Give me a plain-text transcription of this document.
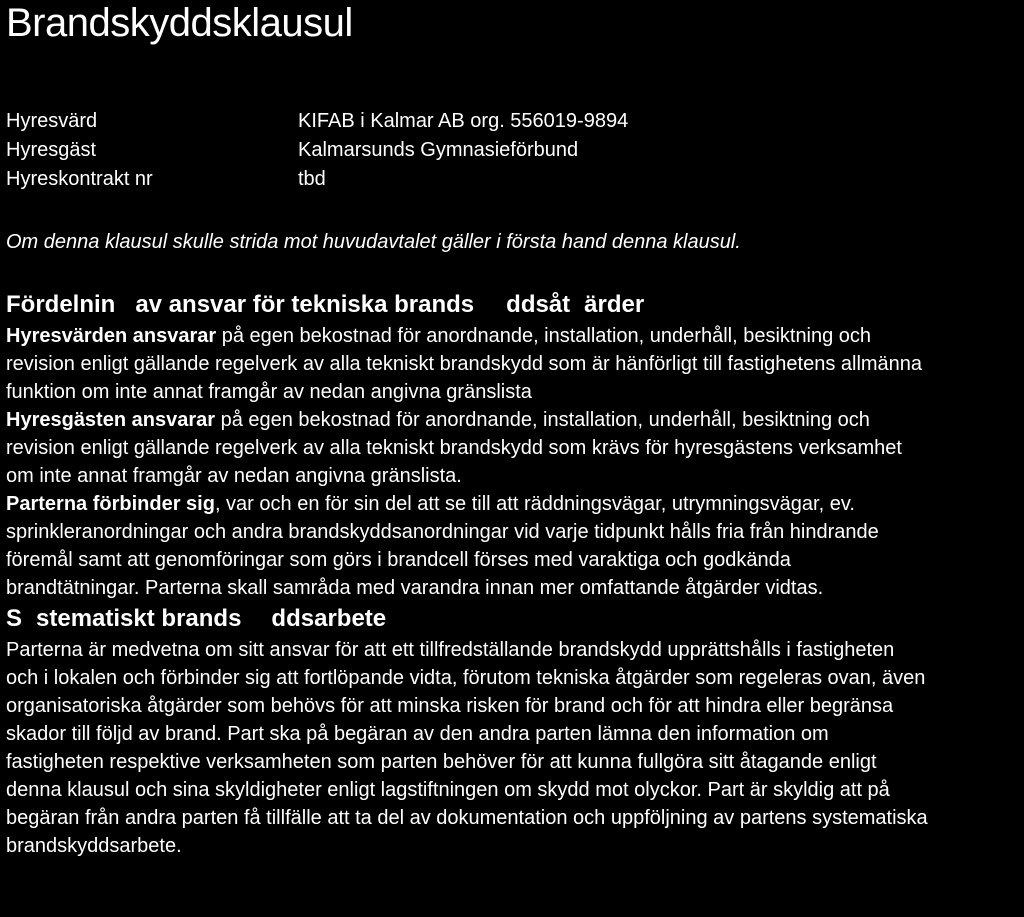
Brandskyddsklausul
Hyresvärd	KIFAB i Kalmar AB org. 556019-9894
Hyresgäst	Kalmarsunds Gymnasieförbund
Hyreskontrakt nr	tbd
Om denna klausul skulle strida mot huvudavtalet gäller i första hand denna klausul.
Fördelnin av ansvar för tekniska brands ddsåt ärder

Hyresvärden ansvarar på egen bekostnad för anordnande, installation, underhåll, besiktning och
revision enligt gällande regelverk av alla tekniskt brandskydd som är hänförligt till fastighetens allmänna
funktion om inte annat framgår av nedan angivna gränslista

Hyresgästen ansvarar på egen bekostnad för anordnande, installation, underhåll, besiktning och
revision enligt gällande regelverk av alla tekniskt brandskydd som krävs för hyresgästens verksamhet
om inte annat framgår av nedan angivna gränslista.

Parterna förbinder sig, var och en för sin del att se till att räddningsvägar, utrymningsvägar, ev.
sprinkleranordningar och andra brandskyddsanordningar vid varje tidpunkt hålls fria från hindrande
föremål samt att genomföringar som görs i brandcell förses med varaktiga och godkända
brandtätningar. Parterna skall samråda med varandra innan mer omfattande åtgärder vidtas.

S stematiskt brands ddsarbete

Parterna är medvetna om sitt ansvar för att ett tillfredställande brandskydd upprättshålls i fastigheten
och i lokalen och förbinder sig att fortlöpande vidta, förutom tekniska åtgärder som regeleras ovan, även
organisatoriska åtgärder som behövs för att minska risken för brand och för att hindra eller begränsa
skador till följd av brand. Part ska på begäran av den andra parten lämna den information om
fastigheten respektive verksamheten som parten behöver för att kunna fullgöra sitt åtagande enligt
denna klausul och sina skyldigheter enligt lagstiftningen om skydd mot olyckor. Part är skyldig att på
begäran från andra parten få tillfälle att ta del av dokumentation och uppföljning av partens systematiska
brandskyddsarbete.
